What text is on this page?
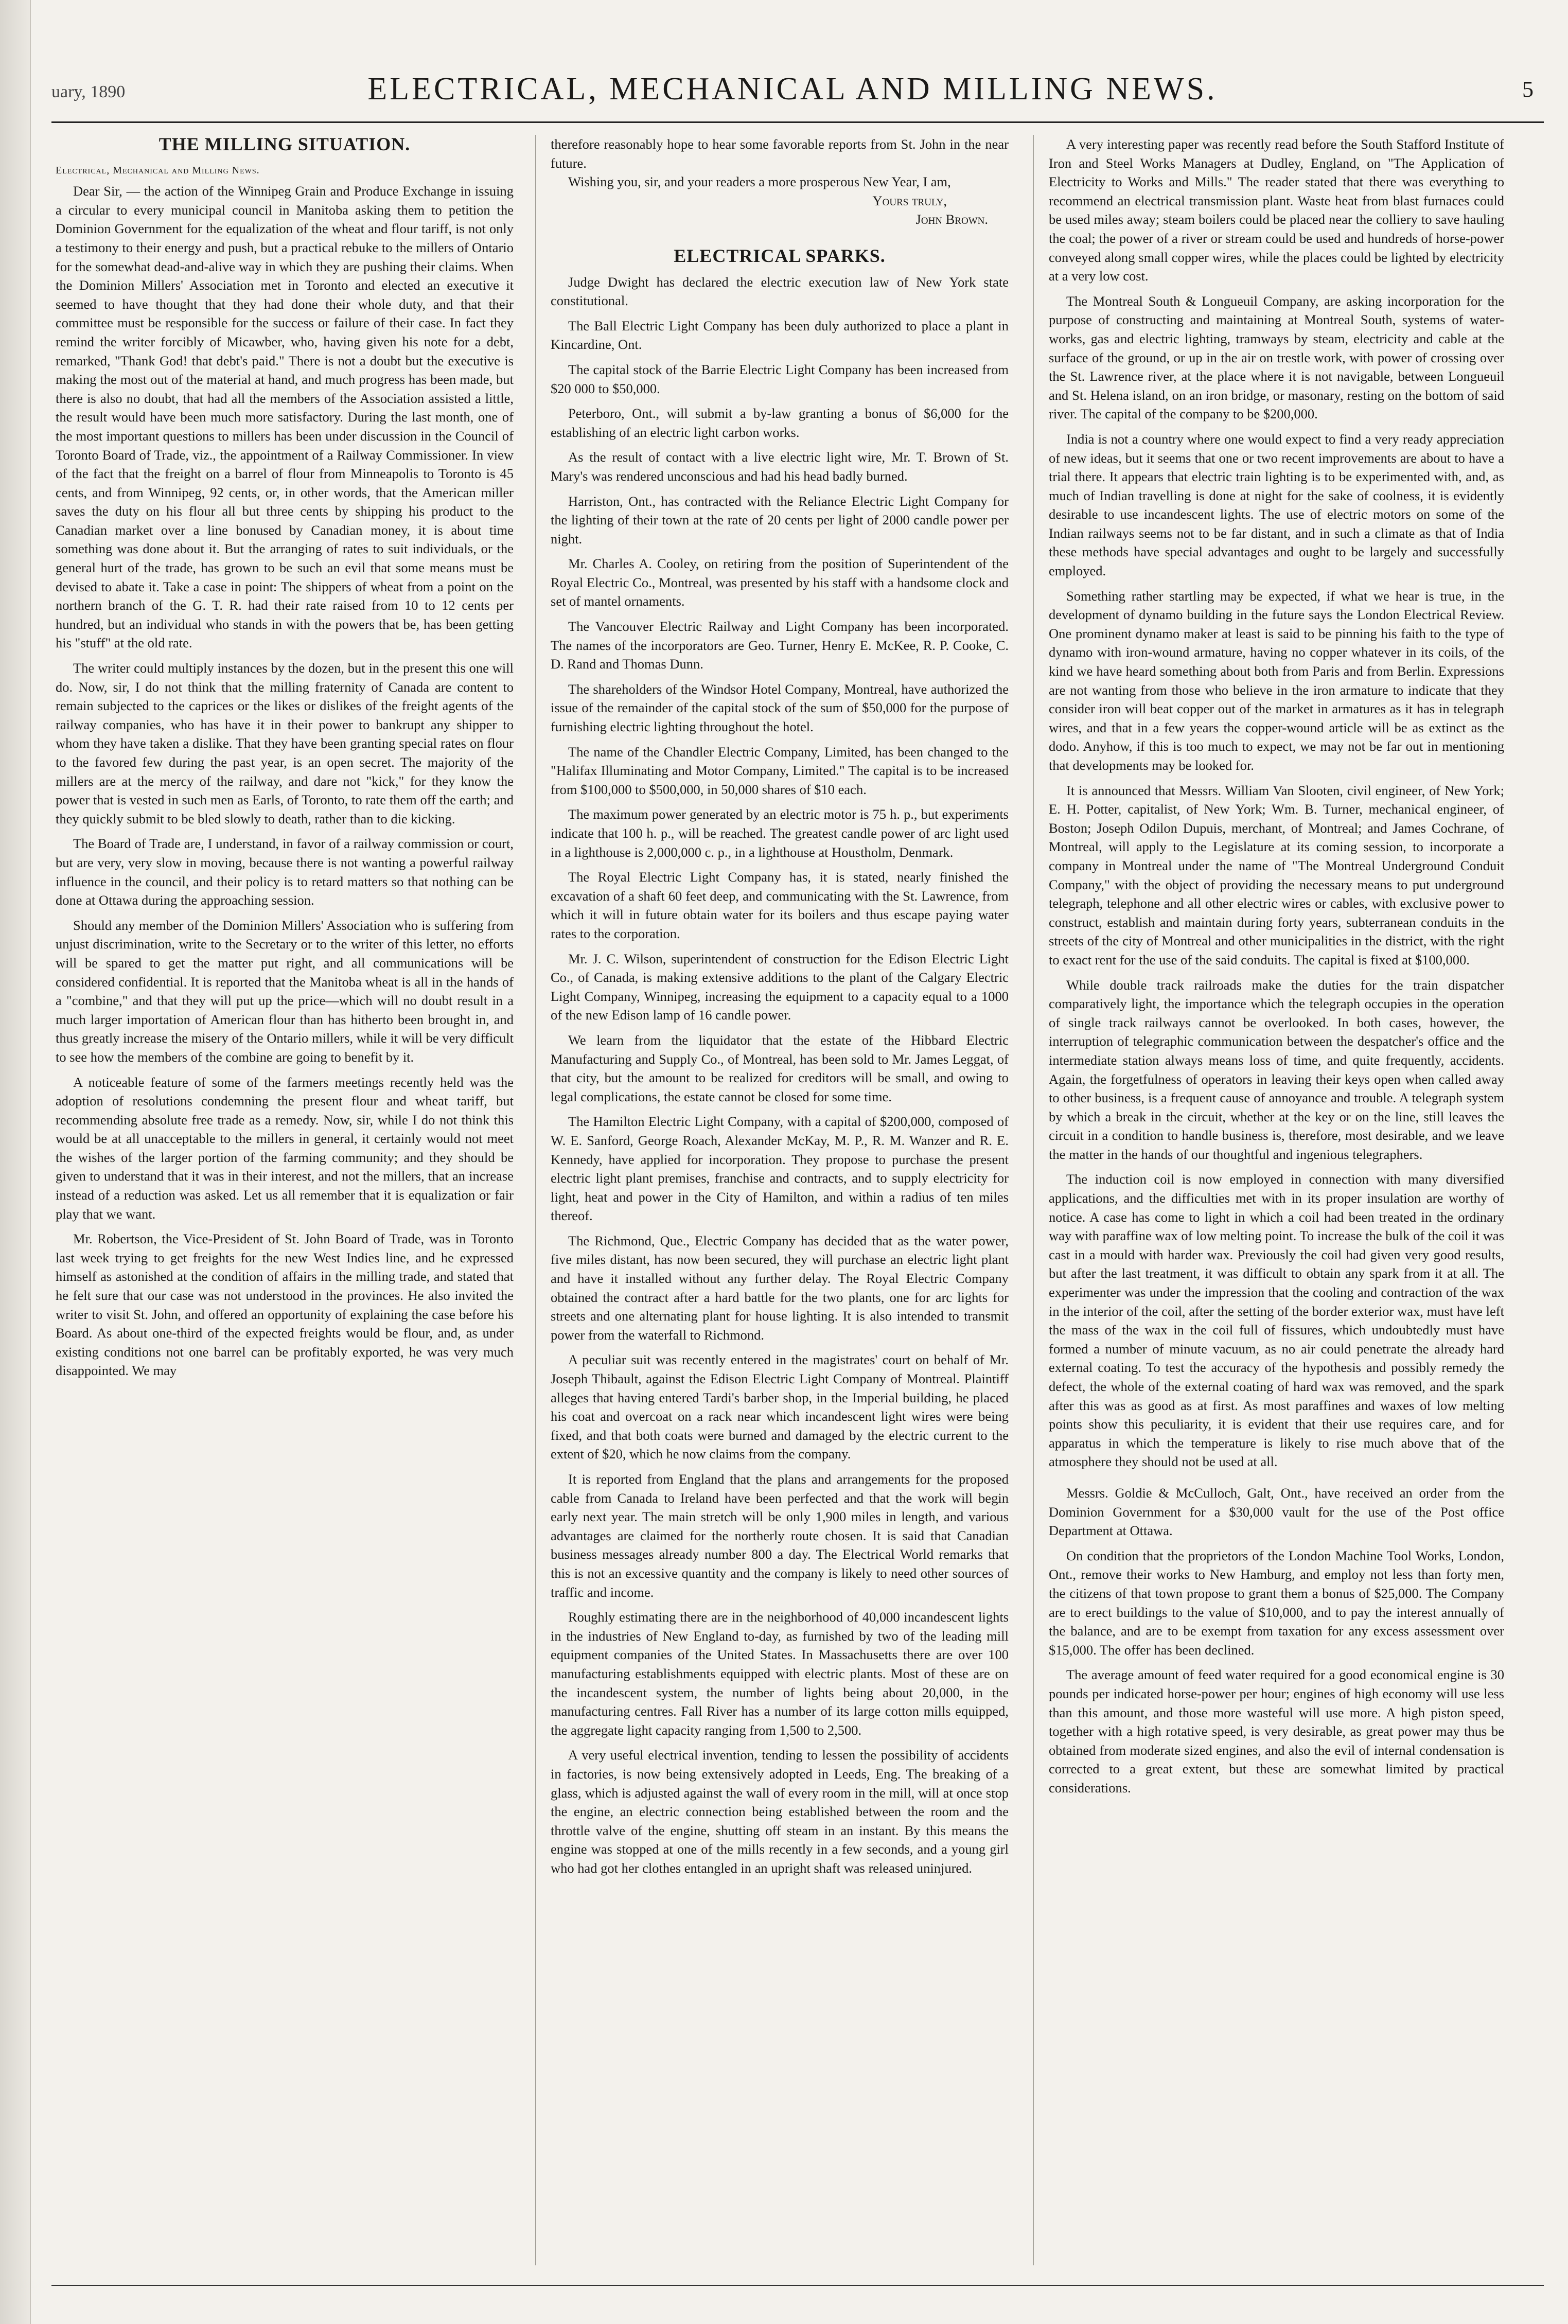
uary, 1890	ELECTRICAL, MECHANICAL AND MILLING NEWS.	5
THE MILLING SITUATION.

Electrical, Mechanical and Milling News.

Dear Sir, — the action of the Winnipeg Grain and Produce Exchange in issuing a circular to every municipal council in Manitoba asking them to petition the Dominion Government for the equalization of the wheat and flour tariff, is not only a testimony to their energy and push, but a practical rebuke to the millers of Ontario for the somewhat dead-and-alive way in which they are pushing their claims. When the Dominion Millers' Association met in Toronto and elected an executive it seemed to have thought that they had done their whole duty, and that their committee must be responsible for the success or failure of their case. In fact they remind the writer forcibly of Micawber, who, having given his note for a debt, remarked, "Thank God! that debt's paid." There is not a doubt but the executive is making the most out of the material at hand, and much progress has been made, but there is also no doubt, that had all the members of the Association assisted a little, the result would have been much more satisfactory. During the last month, one of the most important questions to millers has been under discussion in the Council of Toronto Board of Trade, viz., the appointment of a Railway Commissioner. In view of the fact that the freight on a barrel of flour from Minneapolis to Toronto is 45 cents, and from Winnipeg, 92 cents, or, in other words, that the American miller saves the duty on his flour all but three cents by shipping his product to the Canadian market over a line bonused by Canadian money, it is about time something was done about it. But the arranging of rates to suit individuals, or the general hurt of the trade, has grown to be such an evil that some means must be devised to abate it. Take a case in point: The shippers of wheat from a point on the northern branch of the G. T. R. had their rate raised from 10 to 12 cents per hundred, but an individual who stands in with the powers that be, has been getting his "stuff" at the old rate.

The writer could multiply instances by the dozen, but in the present this one will do. Now, sir, I do not think that the milling fraternity of Canada are content to remain subjected to the caprices or the likes or dislikes of the freight agents of the railway companies, who has have it in their power to bankrupt any shipper to whom they have taken a dislike. That they have been granting special rates on flour to the favored few during the past year, is an open secret. The majority of the millers are at the mercy of the railway, and dare not "kick," for they know the power that is vested in such men as Earls, of Toronto, to rate them off the earth; and they quickly submit to be bled slowly to death, rather than to die kicking.

The Board of Trade are, I understand, in favor of a railway commission or court, but are very, very slow in moving, because there is not wanting a powerful railway influence in the council, and their policy is to retard matters so that nothing can be done at Ottawa during the approaching session.

Should any member of the Dominion Millers' Association who is suffering from unjust discrimination, write to the Secretary or to the writer of this letter, no efforts will be spared to get the matter put right, and all communications will be considered confidential. It is reported that the Manitoba wheat is all in the hands of a "combine," and that they will put up the price—which will no doubt result in a much larger importation of American flour than has hitherto been brought in, and thus greatly increase the misery of the Ontario millers, while it will be very difficult to see how the members of the combine are going to benefit by it.

A noticeable feature of some of the farmers meetings recently held was the adoption of resolutions condemning the present flour and wheat tariff, but recommending absolute free trade as a remedy. Now, sir, while I do not think this would be at all unacceptable to the millers in general, it certainly would not meet the wishes of the larger portion of the farming community; and they should be given to understand that it was in their interest, and not the millers, that an increase instead of a reduction was asked. Let us all remember that it is equalization or fair play that we want.

Mr. Robertson, the Vice-President of St. John Board of Trade, was in Toronto last week trying to get freights for the new West Indies line, and he expressed himself as astonished at the condition of affairs in the milling trade, and stated that he felt sure that our case was not understood in the provinces. He also invited the writer to visit St. John, and offered an opportunity of explaining the case before his Board. As about one-third of the expected freights would be flour, and, as under existing conditions not one barrel can be profitably exported, he was very much disappointed. We may

therefore reasonably hope to hear some favorable reports from St. John in the near future.

Wishing you, sir, and your readers a more prosperous New Year, I am,

Yours truly,

John Brown.

ELECTRICAL SPARKS.

Judge Dwight has declared the electric execution law of New York state constitutional.

The Ball Electric Light Company has been duly authorized to place a plant in Kincardine, Ont.

The capital stock of the Barrie Electric Light Company has been increased from $20 000 to $50,000.

Peterboro, Ont., will submit a by-law granting a bonus of $6,000 for the establishing of an electric light carbon works.

As the result of contact with a live electric light wire, Mr. T. Brown of St. Mary's was rendered unconscious and had his head badly burned.

Harriston, Ont., has contracted with the Reliance Electric Light Company for the lighting of their town at the rate of 20 cents per light of 2000 candle power per night.

Mr. Charles A. Cooley, on retiring from the position of Superintendent of the Royal Electric Co., Montreal, was presented by his staff with a handsome clock and set of mantel ornaments.

The Vancouver Electric Railway and Light Company has been incorporated. The names of the incorporators are Geo. Turner, Henry E. McKee, R. P. Cooke, C. D. Rand and Thomas Dunn.

The shareholders of the Windsor Hotel Company, Montreal, have authorized the issue of the remainder of the capital stock of the sum of $50,000 for the purpose of furnishing electric lighting throughout the hotel.

The name of the Chandler Electric Company, Limited, has been changed to the "Halifax Illuminating and Motor Company, Limited." The capital is to be increased from $100,000 to $500,000, in 50,000 shares of $10 each.

The maximum power generated by an electric motor is 75 h. p., but experiments indicate that 100 h. p., will be reached. The greatest candle power of arc light used in a lighthouse is 2,000,000 c. p., in a lighthouse at Houstholm, Denmark.

The Royal Electric Light Company has, it is stated, nearly finished the excavation of a shaft 60 feet deep, and communicating with the St. Lawrence, from which it will in future obtain water for its boilers and thus escape paying water rates to the corporation.

Mr. J. C. Wilson, superintendent of construction for the Edison Electric Light Co., of Canada, is making extensive additions to the plant of the Calgary Electric Light Company, Winnipeg, increasing the equipment to a capacity equal to a 1000 of the new Edison lamp of 16 candle power.

We learn from the liquidator that the estate of the Hibbard Electric Manufacturing and Supply Co., of Montreal, has been sold to Mr. James Leggat, of that city, but the amount to be realized for creditors will be small, and owing to legal complications, the estate cannot be closed for some time.

The Hamilton Electric Light Company, with a capital of $200,000, composed of W. E. Sanford, George Roach, Alexander McKay, M. P., R. M. Wanzer and R. E. Kennedy, have applied for incorporation. They propose to purchase the present electric light plant premises, franchise and contracts, and to supply electricity for light, heat and power in the City of Hamilton, and within a radius of ten miles thereof.

The Richmond, Que., Electric Company has decided that as the water power, five miles distant, has now been secured, they will purchase an electric light plant and have it installed without any further delay. The Royal Electric Company obtained the contract after a hard battle for the two plants, one for arc lights for streets and one alternating plant for house lighting. It is also intended to transmit power from the waterfall to Richmond.

A peculiar suit was recently entered in the magistrates' court on behalf of Mr. Joseph Thibault, against the Edison Electric Light Company of Montreal. Plaintiff alleges that having entered Tardi's barber shop, in the Imperial building, he placed his coat and overcoat on a rack near which incandescent light wires were being fixed, and that both coats were burned and damaged by the electric current to the extent of $20, which he now claims from the company.

It is reported from England that the plans and arrangements for the proposed cable from Canada to Ireland have been perfected and that the work will begin early next year. The main stretch will be only 1,900 miles in length, and various advantages are claimed for the northerly route chosen. It is said that Canadian business messages already number 800 a day. The Electrical World remarks that this is not an excessive quantity and the company is likely to need other sources of traffic and income.

Roughly estimating there are in the neighborhood of 40,000 incandescent lights in the industries of New England to-day, as furnished by two of the leading mill equipment companies of the United States. In Massachusetts there are over 100 manufacturing establishments equipped with electric plants. Most of these are on the incandescent system, the number of lights being about 20,000, in the manufacturing centres. Fall River has a number of its large cotton mills equipped, the aggregate light capacity ranging from 1,500 to 2,500.

A very useful electrical invention, tending to lessen the possibility of accidents in factories, is now being extensively adopted in Leeds, Eng. The breaking of a glass, which is adjusted against the wall of every room in the mill, will at once stop the engine, an electric connection being established between the room and the throttle valve of the engine, shutting off steam in an instant. By this means the engine was stopped at one of the mills recently in a few seconds, and a young girl who had got her clothes entangled in an upright shaft was released uninjured.

A very interesting paper was recently read before the South Stafford Institute of Iron and Steel Works Managers at Dudley, England, on "The Application of Electricity to Works and Mills." The reader stated that there was everything to recommend an electrical transmission plant. Waste heat from blast furnaces could be used miles away; steam boilers could be placed near the colliery to save hauling the coal; the power of a river or stream could be used and hundreds of horse-power conveyed along small copper wires, while the places could be lighted by electricity at a very low cost.

The Montreal South & Longueuil Company, are asking incorporation for the purpose of constructing and maintaining at Montreal South, systems of water-works, gas and electric lighting, tramways by steam, electricity and cable at the surface of the ground, or up in the air on trestle work, with power of crossing over the St. Lawrence river, at the place where it is not navigable, between Longueuil and St. Helena island, on an iron bridge, or masonary, resting on the bottom of said river. The capital of the company to be $200,000.

India is not a country where one would expect to find a very ready appreciation of new ideas, but it seems that one or two recent improvements are about to have a trial there. It appears that electric train lighting is to be experimented with, and, as much of Indian travelling is done at night for the sake of coolness, it is evidently desirable to use incandescent lights. The use of electric motors on some of the Indian railways seems not to be far distant, and in such a climate as that of India these methods have special advantages and ought to be largely and successfully employed.

Something rather startling may be expected, if what we hear is true, in the development of dynamo building in the future says the London Electrical Review. One prominent dynamo maker at least is said to be pinning his faith to the type of dynamo with iron-wound armature, having no copper whatever in its coils, of the kind we have heard something about both from Paris and from Berlin. Expressions are not wanting from those who believe in the iron armature to indicate that they consider iron will beat copper out of the market in armatures as it has in telegraph wires, and that in a few years the copper-wound article will be as extinct as the dodo. Anyhow, if this is too much to expect, we may not be far out in mentioning that developments may be looked for.

It is announced that Messrs. William Van Slooten, civil engineer, of New York; E. H. Potter, capitalist, of New York; Wm. B. Turner, mechanical engineer, of Boston; Joseph Odilon Dupuis, merchant, of Montreal; and James Cochrane, of Montreal, will apply to the Legislature at its coming session, to incorporate a company in Montreal under the name of "The Montreal Underground Conduit Company," with the object of providing the necessary means to put underground telegraph, telephone and all other electric wires or cables, with exclusive power to construct, establish and maintain during forty years, subterranean conduits in the streets of the city of Montreal and other municipalities in the district, with the right to exact rent for the use of the said conduits. The capital is fixed at $100,000.

While double track railroads make the duties for the train dispatcher comparatively light, the importance which the telegraph occupies in the operation of single track railways cannot be overlooked. In both cases, however, the interruption of telegraphic communication between the despatcher's office and the intermediate station always means loss of time, and quite frequently, accidents. Again, the forgetfulness of operators in leaving their keys open when called away to other business, is a frequent cause of annoyance and trouble. A telegraph system by which a break in the circuit, whether at the key or on the line, still leaves the circuit in a condition to handle business is, therefore, most desirable, and we leave the matter in the hands of our thoughtful and ingenious telegraphers.

The induction coil is now employed in connection with many diversified applications, and the difficulties met with in its proper insulation are worthy of notice. A case has come to light in which a coil had been treated in the ordinary way with paraffine wax of low melting point. To increase the bulk of the coil it was cast in a mould with harder wax. Previously the coil had given very good results, but after the last treatment, it was difficult to obtain any spark from it at all. The experimenter was under the impression that the cooling and contraction of the wax in the interior of the coil, after the setting of the border exterior wax, must have left the mass of the wax in the coil full of fissures, which undoubtedly must have formed a number of minute vacuum, as no air could penetrate the already hard external coating. To test the accuracy of the hypothesis and possibly remedy the defect, the whole of the external coating of hard wax was removed, and the spark after this was as good as at first. As most paraffines and waxes of low melting points show this peculiarity, it is evident that their use requires care, and for apparatus in which the temperature is likely to rise much above that of the atmosphere they should not be used at all.

Messrs. Goldie & McCulloch, Galt, Ont., have received an order from the Dominion Government for a $30,000 vault for the use of the Post office Department at Ottawa.

On condition that the proprietors of the London Machine Tool Works, London, Ont., remove their works to New Hamburg, and employ not less than forty men, the citizens of that town propose to grant them a bonus of $25,000. The Company are to erect buildings to the value of $10,000, and to pay the interest annually of the balance, and are to be exempt from taxation for any excess assessment over $15,000. The offer has been declined.

The average amount of feed water required for a good economical engine is 30 pounds per indicated horse-power per hour; engines of high economy will use less than this amount, and those more wasteful will use more. A high piston speed, together with a high rotative speed, is very desirable, as great power may thus be obtained from moderate sized engines, and also the evil of internal condensation is corrected to a great extent, but these are somewhat limited by practical considerations.
